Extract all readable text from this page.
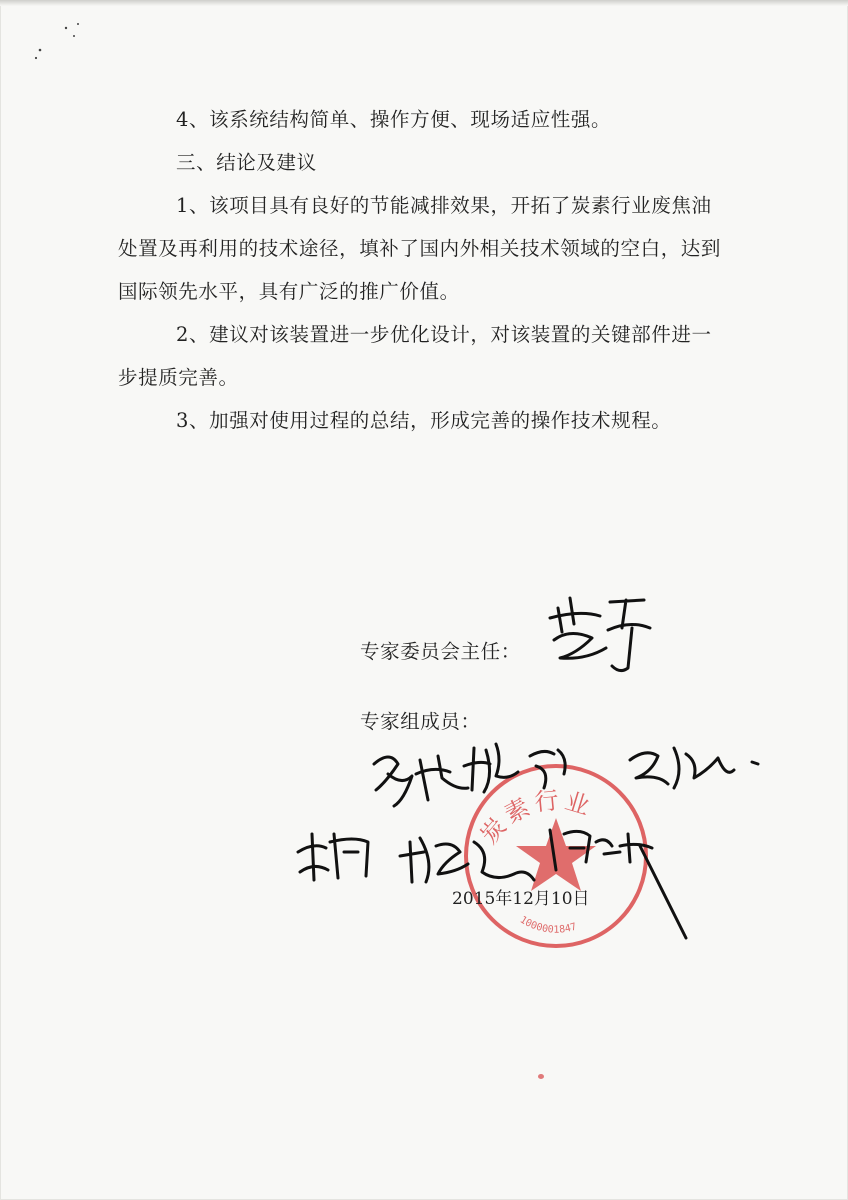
4、该系统结构简单、操作方便、现场适应性强。

三、结论及建议

1、该项目具有良好的节能减排效果，开拓了炭素行业废焦油处置及再利用的技术途径，填补了国内外相关技术领域的空白，达到国际领先水平，具有广泛的推广价值。

2、建议对该装置进一步优化设计，对该装置的关键部件进一步提质完善。

3、加强对使用过程的总结，形成完善的操作技术规程。

炭素行业
1000001847
专家委员会主任：
专家组成员：
2015年12月10日
